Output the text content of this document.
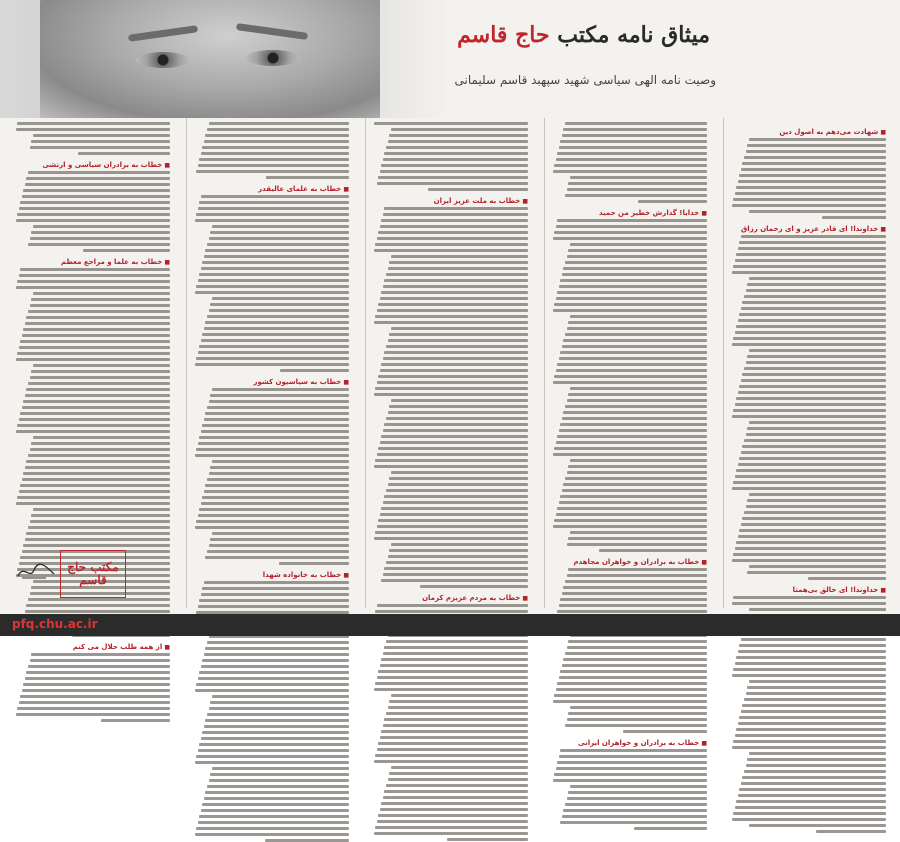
میثاق نامه مکتب حاج قاسم
وصیت نامه الهی سیاسی شهید سپهبد قاسم سلیمانی
■ شهادت می‌دهم به اصول دین
■ خداوندا! ای قادر عزیز و ای رحمان رزاق
■ خداوندا! ای خالق بی‌همتا
■ خدایا! گذارش خطیر من حمید
■ خطاب به برادران و خواهران مجاهدم
■ خطاب به برادران و خواهران ایرانی
■ خطاب به ملت عزیز ایران
■ خطاب به مردم عزیزم کرمان
■ خطاب به علمای عالیقدر
■ خطاب به سیاسیون کشور
■ خطاب به خانواده شهدا
■ خطاب به برادران سیاسی و ارتشی
■ خطاب به علما و مراجع معظم
■ از همه طلب حلال می کنم
مکتب حاج قاسم
pfq.chu.ac.ir
